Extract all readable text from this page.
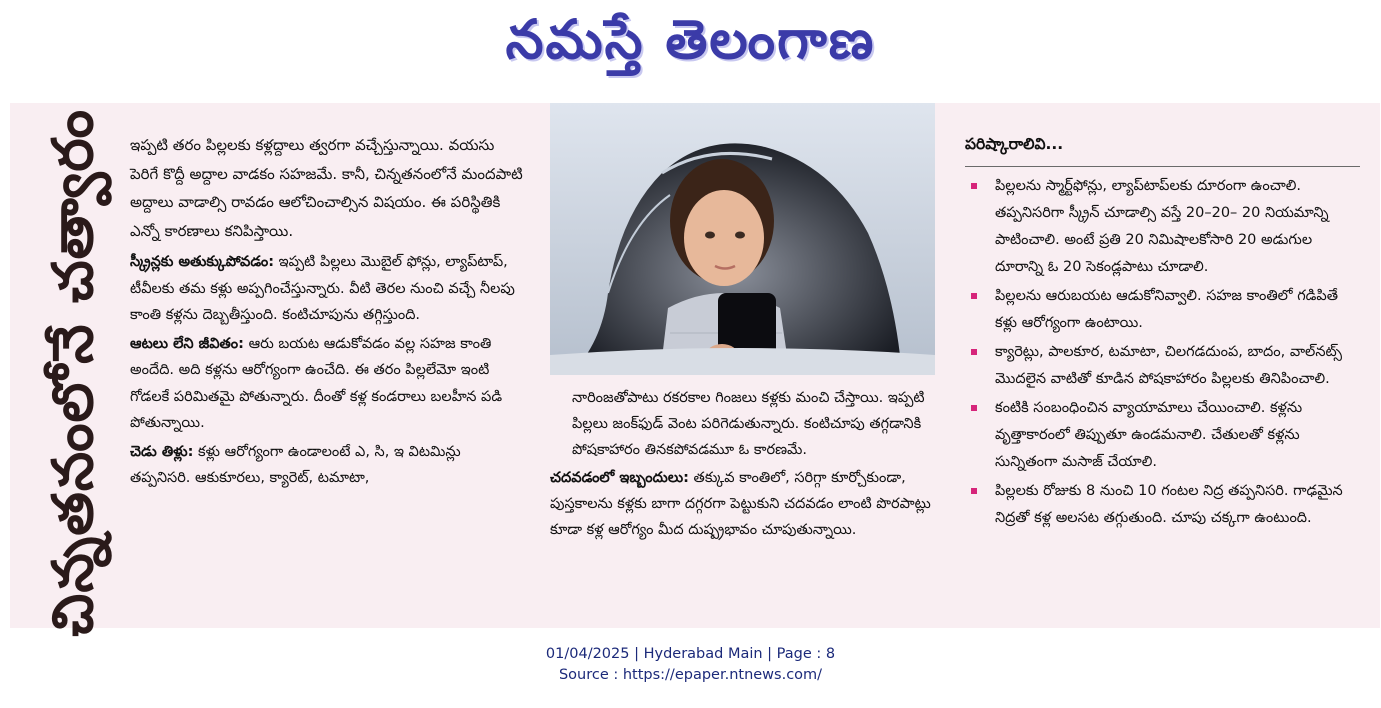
నమస్తే తెలంగాణ
చిన్నతనంలోనే చత్వారం ఇప్పటి తరం పిల్లలకు కళ్లద్దాలు త్వరగా వచ్చేస్తున్నాయి. వయసు పెరిగే కొద్దీ అద్దాల వాడకం సహజమే. కానీ, చిన్నతనంలోనే మందపాటి అద్దాలు వాడాల్సి రావడం ఆలోచించాల్సిన విషయం. ఈ పరిస్థితికి ఎన్నో కారణాలు కనిపిస్తాయి.

స్క్రీన్లకు అతుక్కుపోవడం: ఇప్పటి పిల్లలు మొబైల్ ఫోన్లు, ల్యాప్‌టాప్, టీవీలకు తమ కళ్లు అప్పగించేస్తున్నారు. వీటి తెరల నుంచి వచ్చే నీలపు కాంతి కళ్లను దెబ్బతీస్తుంది. కంటిచూపును తగ్గిస్తుంది.

ఆటలు లేని జీవితం: ఆరు బయట ఆడుకోవడం వల్ల సహజ కాంతి అందేది. అది కళ్లను ఆరోగ్యంగా ఉంచేది. ఈ తరం పిల్లలేమో ఇంటి గోడలకే పరిమితమై పోతున్నారు. దీంతో కళ్ల కండరాలు బలహీన పడి పోతున్నాయి.

చెడు తిళ్లు: కళ్లు ఆరోగ్యంగా ఉండాలంటే ఎ, సి, ఇ విటమిన్లు తప్పనిసరి. ఆకుకూరలు, క్యారెట్, టమాటా,

నారింజతోపాటు రకరకాల గింజలు కళ్లకు మంచి చేస్తాయి. ఇప్పటి పిల్లలు జంక్‌ఫుడ్ వెంట పరిగెడుతున్నారు. కంటిచూపు తగ్గడానికి పోషకాహారం తినకపోవడమూ ఓ కారణమే.

చదవడంలో ఇబ్బందులు: తక్కువ కాంతిలో, సరిగ్గా కూర్చోకుండా, పుస్తకాలను కళ్లకు బాగా దగ్గరగా పెట్టుకుని చదవడం లాంటి పొరపాట్లు కూడా కళ్ల ఆరోగ్యం మీద దుష్ప్రభావం చూపుతున్నాయి.

పరిష్కారాలివి...
పిల్లలను స్మార్ట్‌ఫోన్లు, ల్యాప్‌టాప్‌లకు దూరంగా ఉంచాలి. తప్పనిసరిగా స్క్రీన్ చూడాల్సి వస్తే 20–20– 20 నియమాన్ని పాటించాలి. అంటే ప్రతి 20 నిమిషాలకోసారి 20 అడుగుల దూరాన్ని ఓ 20 సెకండ్లపాటు చూడాలి.
పిల్లలను ఆరుబయట ఆడుకోనివ్వాలి. సహజ కాంతిలో గడిపితే కళ్లు ఆరోగ్యంగా ఉంటాయి.
క్యారెట్లు, పాలకూర, టమాటా, చిలగడదుంప, బాదం, వాల్‌నట్స్ మొదలైన వాటితో కూడిన పోషకాహారం పిల్లలకు తినిపించాలి.
కంటికి సంబంధించిన వ్యాయామాలు చేయించాలి. కళ్లను వృత్తాకారంలో తిప్పుతూ ఉండమనాలి. చేతులతో కళ్లను సున్నితంగా మసాజ్ చేయాలి.
పిల్లలకు రోజుకు 8 నుంచి 10 గంటల నిద్ర తప్పనిసరి. గాఢమైన నిద్రతో కళ్ల అలసట తగ్గుతుంది. చూపు చక్కగా ఉంటుంది.
01/04/2025 | Hyderabad Main | Page : 8
Source : https://epaper.ntnews.com/
